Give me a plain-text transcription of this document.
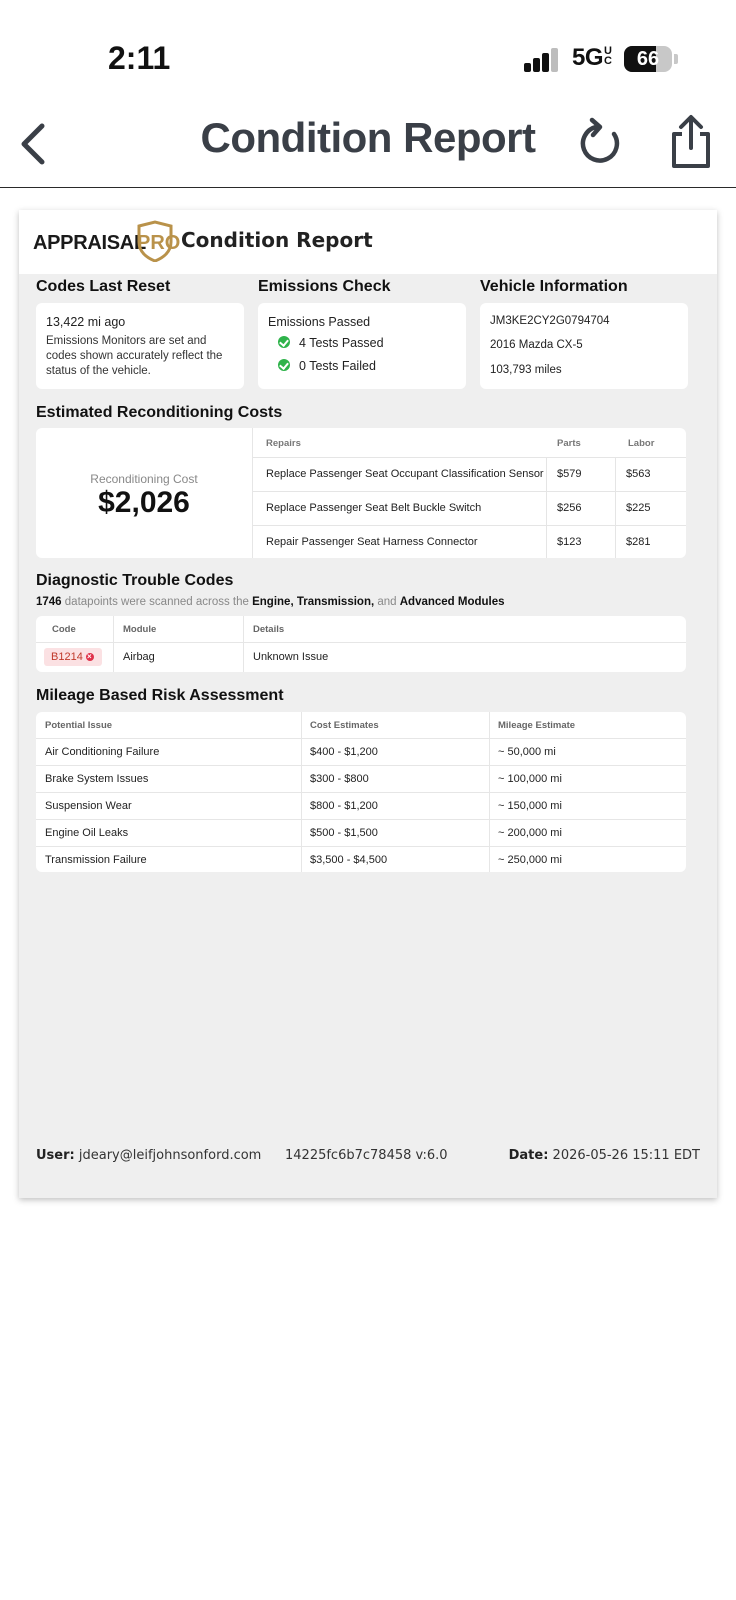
2:11	5GUC	66
Condition Report
APPRAISAL
PRO Condition Report
Codes Last Reset
13,422 mi ago
Emissions Monitors are set and codes shown accurately reflect the status of the vehicle.
Emissions Check
Emissions Passed
4 Tests Passed
0 Tests Failed
Vehicle Information
JM3KE2CY2G0794704
2016 Mazda CX-5
103,793 miles
Estimated Reconditioning Costs
Reconditioning Cost
$2,026
Repairs	Parts	Labor
Replace Passenger Seat Occupant Classification Sensor $579	$563
Replace Passenger Seat Belt Buckle Switch	$256	$225
Repair Passenger Seat Harness Connector	$123	$281
Diagnostic Trouble Codes
1746 datapoints were scanned across the Engine, Transmission, and Advanced Modules
Code	Module	Details
B1214
×	Airbag	Unknown Issue
Mileage Based Risk Assessment
Potential Issue	Cost Estimates	Mileage Estimate
Air Conditioning Failure	$400 - $1,200	~ 50,000 mi
Brake System Issues	$300 - $800	~ 100,000 mi
Suspension Wear	$800 - $1,200	~ 150,000 mi
Engine Oil Leaks	$500 - $1,500	~ 200,000 mi
Transmission Failure	$3,500 - $4,500	~ 250,000 mi
User: jdeary@leifjohnsonford.com 14225fc6b7c78458 v:6.0	Date: 2026-05-26 15:11 EDT
